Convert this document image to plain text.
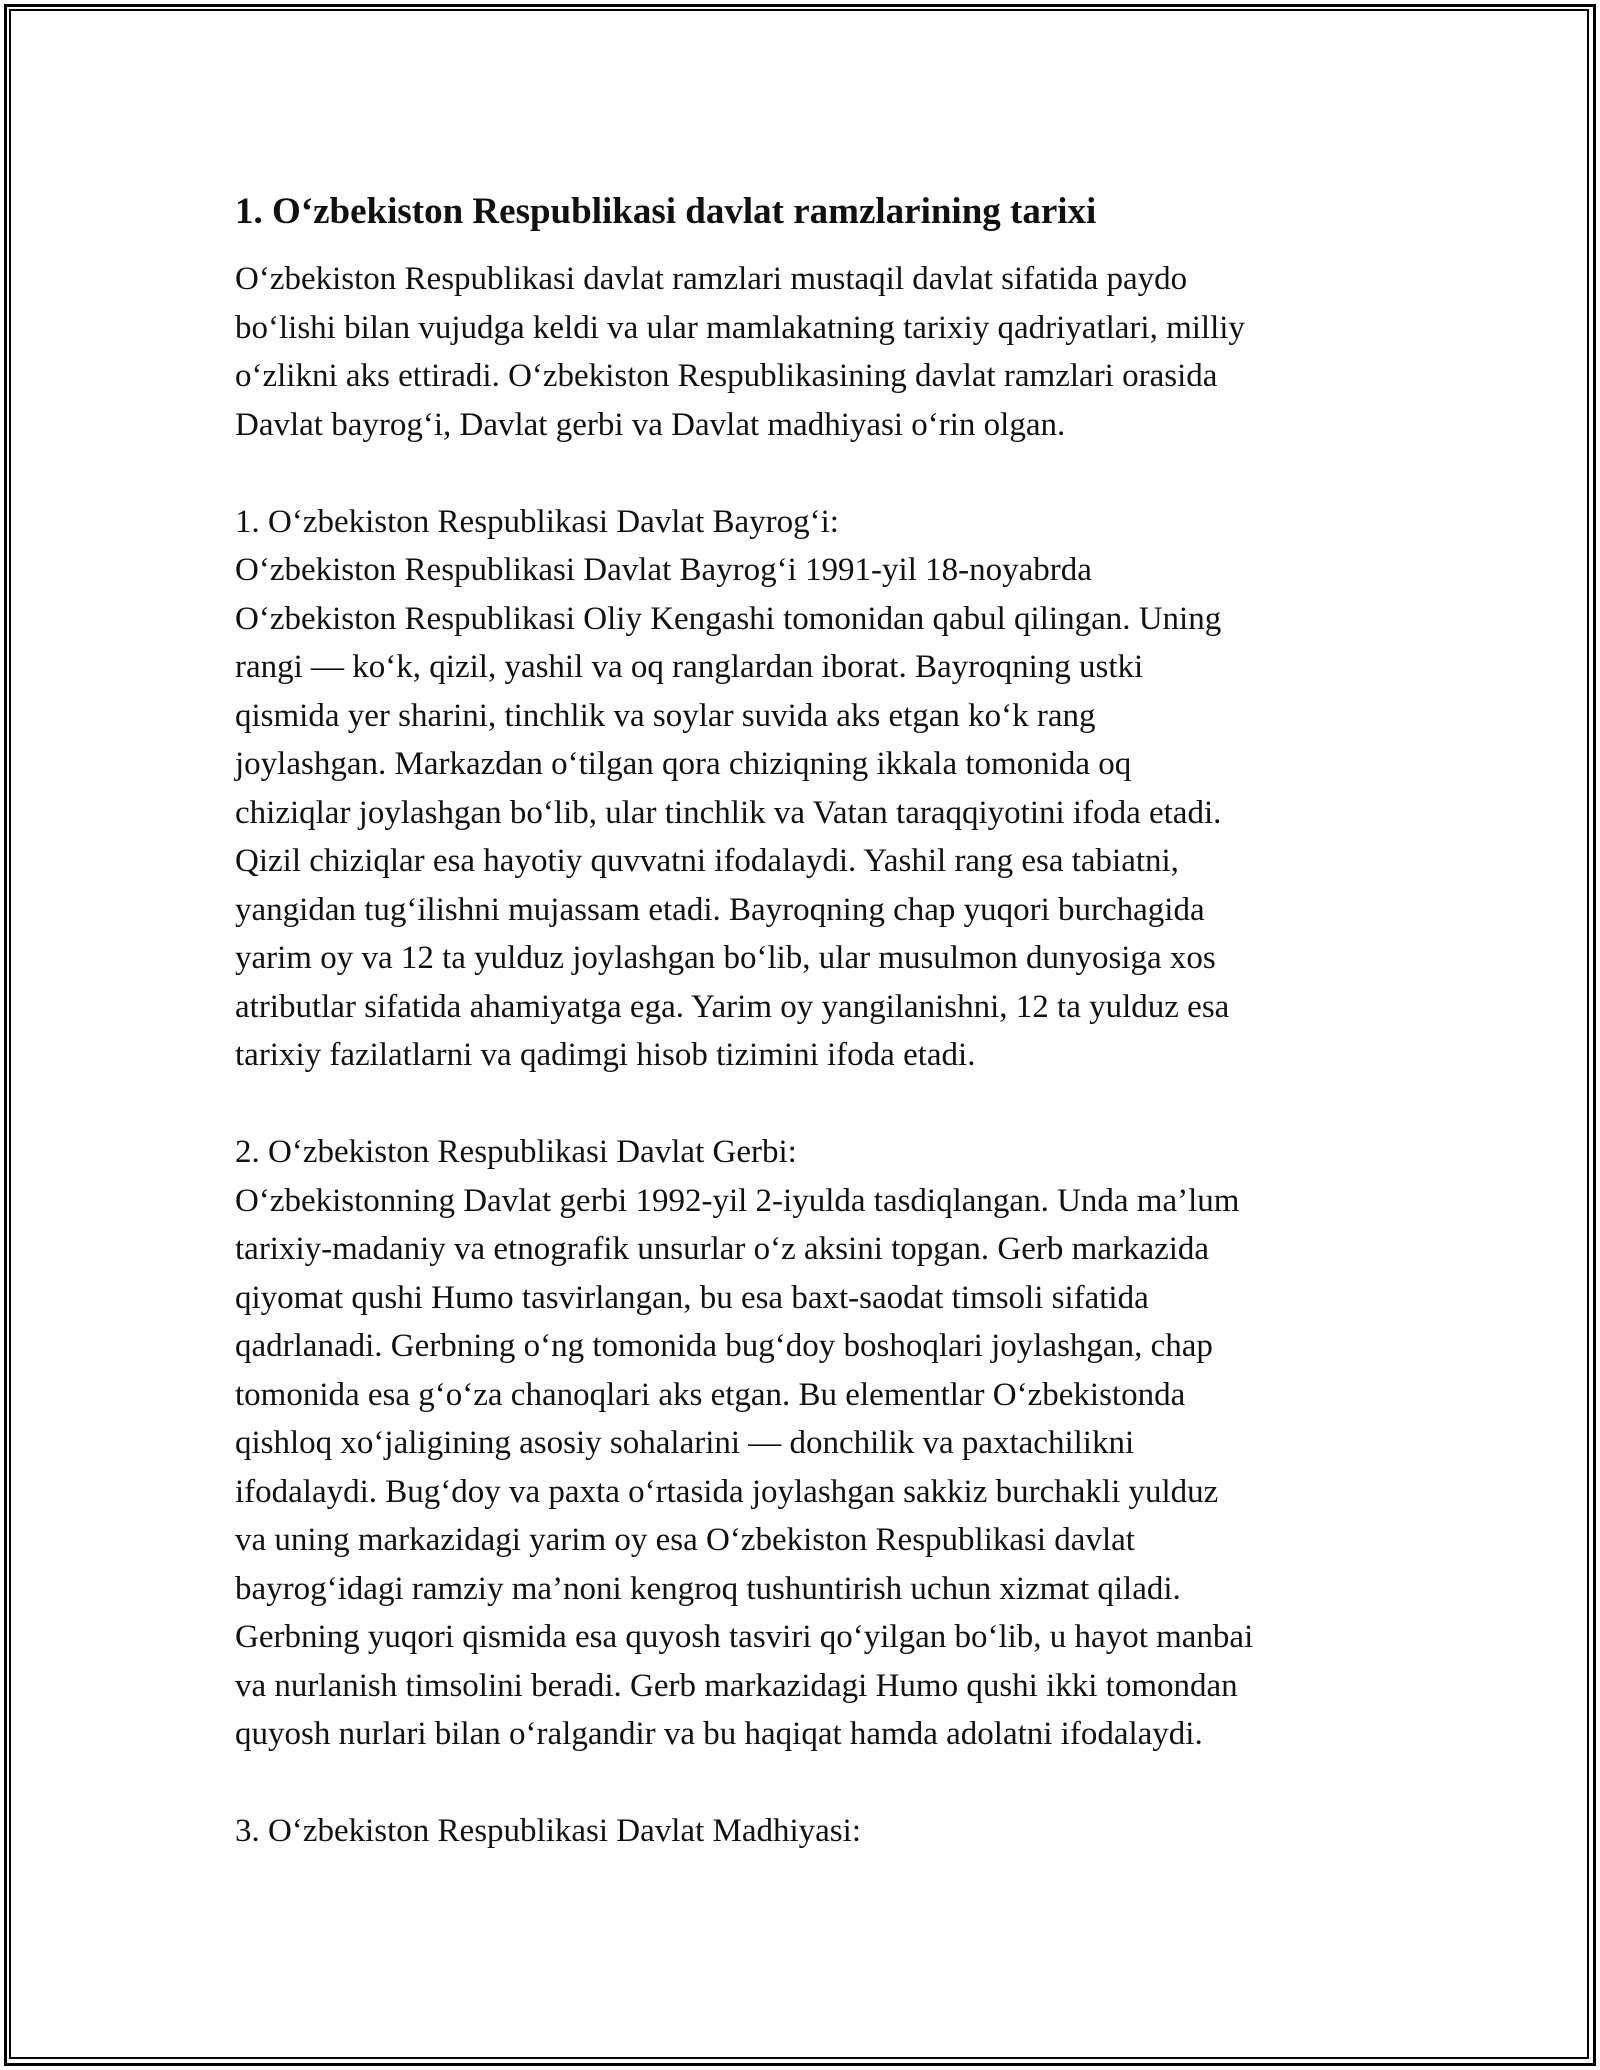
1. O‘zbekiston Respublikasi davlat ramzlarining tarixi
O‘zbekiston Respublikasi davlat ramzlari mustaqil davlat sifatida paydo
bo‘lishi bilan vujudga keldi va ular mamlakatning tarixiy qadriyatlari, milliy
o‘zlikni aks ettiradi. O‘zbekiston Respublikasining davlat ramzlari orasida
Davlat bayrog‘i, Davlat gerbi va Davlat madhiyasi o‘rin olgan.
1. O‘zbekiston Respublikasi Davlat Bayrog‘i:
O‘zbekiston Respublikasi Davlat Bayrog‘i 1991-yil 18-noyabrda
O‘zbekiston Respublikasi Oliy Kengashi tomonidan qabul qilingan. Uning
rangi — ko‘k, qizil, yashil va oq ranglardan iborat. Bayroqning ustki
qismida yer sharini, tinchlik va soylar suvida aks etgan ko‘k rang
joylashgan. Markazdan o‘tilgan qora chiziqning ikkala tomonida oq
chiziqlar joylashgan bo‘lib, ular tinchlik va Vatan taraqqiyotini ifoda etadi.
Qizil chiziqlar esa hayotiy quvvatni ifodalaydi. Yashil rang esa tabiatni,
yangidan tug‘ilishni mujassam etadi. Bayroqning chap yuqori burchagida
yarim oy va 12 ta yulduz joylashgan bo‘lib, ular musulmon dunyosiga xos
atributlar sifatida ahamiyatga ega. Yarim oy yangilanishni, 12 ta yulduz esa
tarixiy fazilatlarni va qadimgi hisob tizimini ifoda etadi.
2. O‘zbekiston Respublikasi Davlat Gerbi:
O‘zbekistonning Davlat gerbi 1992-yil 2-iyulda tasdiqlangan. Unda ma’lum
tarixiy-madaniy va etnografik unsurlar o‘z aksini topgan. Gerb markazida
qiyomat qushi Humo tasvirlangan, bu esa baxt-saodat timsoli sifatida
qadrlanadi. Gerbning o‘ng tomonida bug‘doy boshoqlari joylashgan, chap
tomonida esa g‘o‘za chanoqlari aks etgan. Bu elementlar O‘zbekistonda
qishloq xo‘jaligining asosiy sohalarini — donchilik va paxtachilikni
ifodalaydi. Bug‘doy va paxta o‘rtasida joylashgan sakkiz burchakli yulduz
va uning markazidagi yarim oy esa O‘zbekiston Respublikasi davlat
bayrog‘idagi ramziy ma’noni kengroq tushuntirish uchun xizmat qiladi.
Gerbning yuqori qismida esa quyosh tasviri qo‘yilgan bo‘lib, u hayot manbai
va nurlanish timsolini beradi. Gerb markazidagi Humo qushi ikki tomondan
quyosh nurlari bilan o‘ralgandir va bu haqiqat hamda adolatni ifodalaydi.
3. O‘zbekiston Respublikasi Davlat Madhiyasi:
